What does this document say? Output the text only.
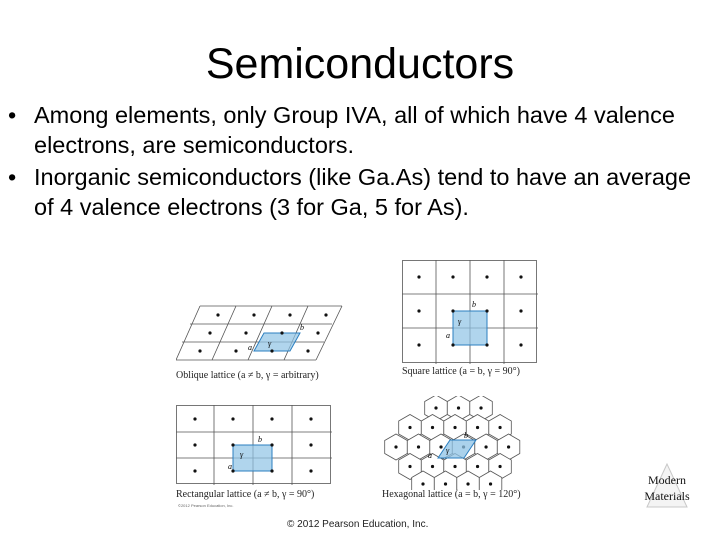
Semiconductors
• Among elements, only Group IVA, all of which have 4 valence electrons, are semiconductors.
• Inorganic semiconductors (like Ga.As) tend to have an average of 4 valence electrons (3 for Ga, 5 for As).
b
a γ
Oblique lattice (a ≠ b, γ = arbitrary)
b
a
γ
Square lattice (a = b, γ = 90°)
b
a
γ
Rectangular lattice (a ≠ b, γ = 90°)
©2012 Pearson Education, Inc.
b
a
γ
Hexagonal lattice (a = b, γ = 120°)
© 2012 Pearson Education, Inc.
Modern
Materials
